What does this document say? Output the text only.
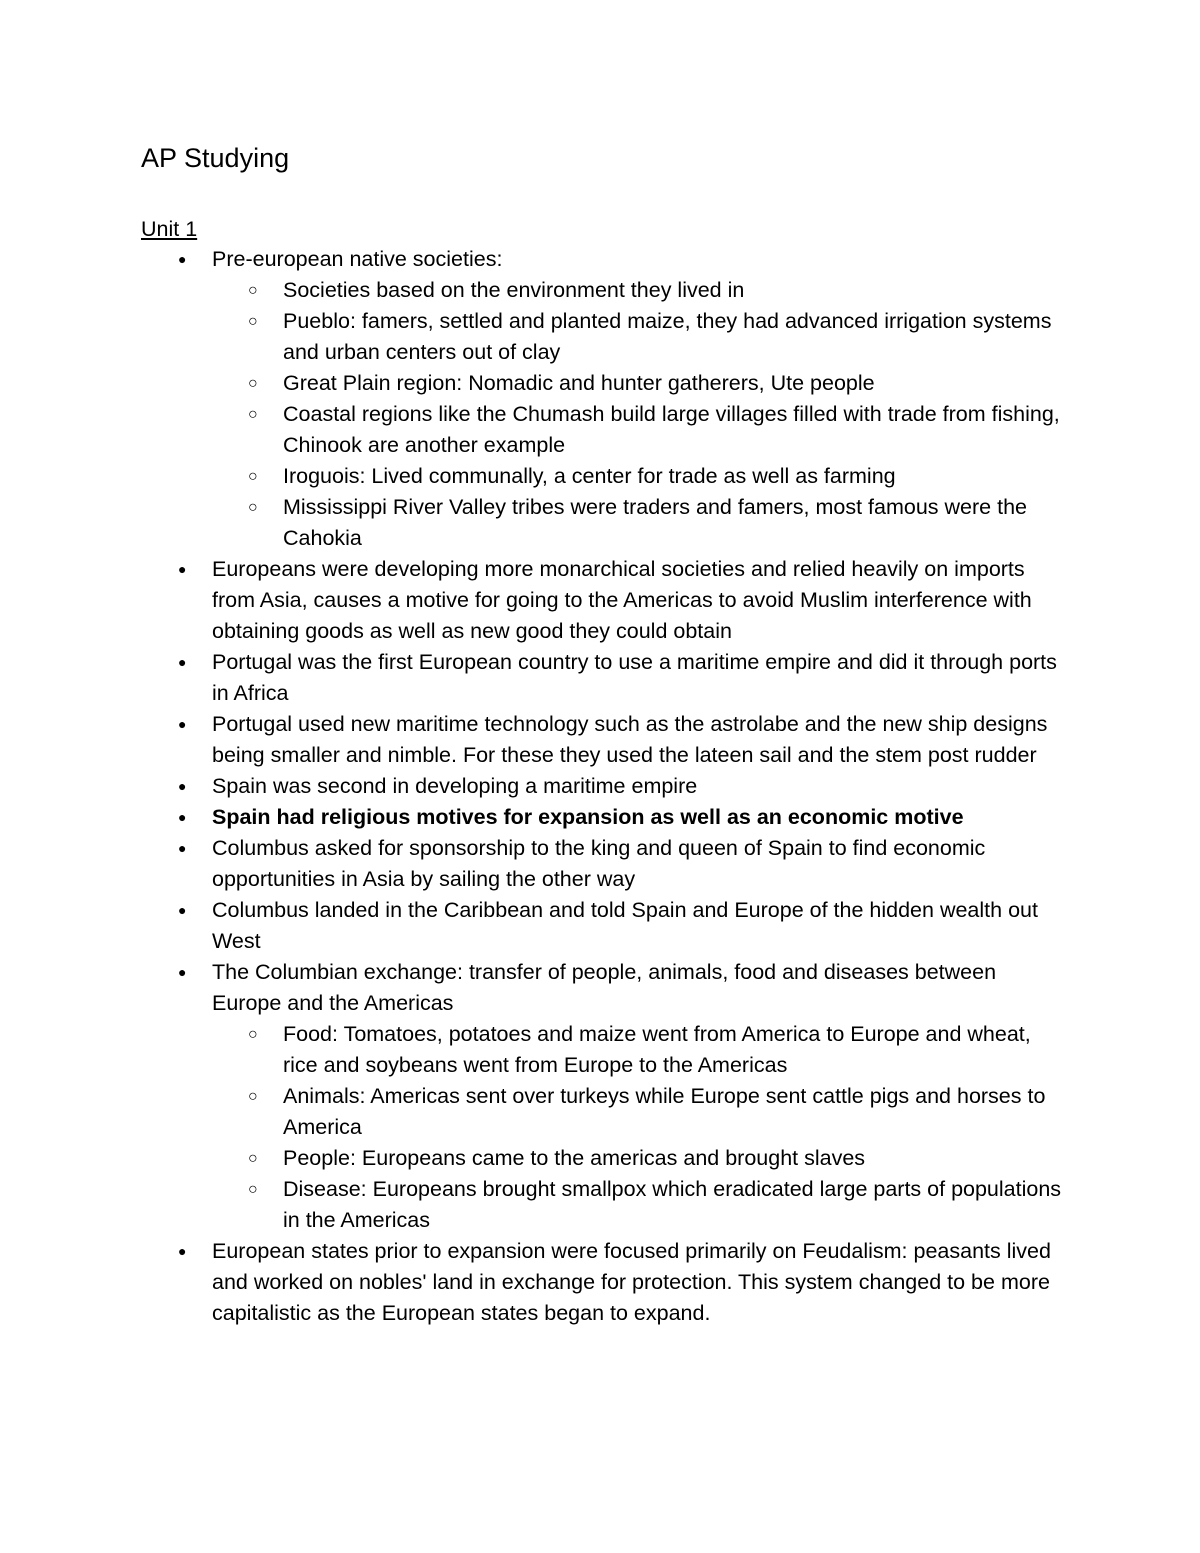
AP Studying
Unit 1
● Pre-european native societies:
○ Societies based on the environment they lived in
○ Pueblo: famers, settled and planted maize, they had advanced irrigation systems and urban centers out of clay
○ Great Plain region: Nomadic and hunter gatherers, Ute people
○ Coastal regions like the Chumash build large villages filled with trade from fishing, Chinook are another example
○ Iroguois: Lived communally, a center for trade as well as farming
○ Mississippi River Valley tribes were traders and famers, most famous were the Cahokia
● Europeans were developing more monarchical societies and relied heavily on imports from Asia, causes a motive for going to the Americas to avoid Muslim interference with obtaining goods as well as new good they could obtain
● Portugal was the first European country to use a maritime empire and did it through ports in Africa
● Portugal used new maritime technology such as the astrolabe and the new ship designs being smaller and nimble. For these they used the lateen sail and the stem post rudder
● Spain was second in developing a maritime empire
● Spain had religious motives for expansion as well as an economic motive
● Columbus asked for sponsorship to the king and queen of Spain to find economic opportunities in Asia by sailing the other way
● Columbus landed in the Caribbean and told Spain and Europe of the hidden wealth out West
● The Columbian exchange: transfer of people, animals, food and diseases between Europe and the Americas
○ Food: Tomatoes, potatoes and maize went from America to Europe and wheat, rice and soybeans went from Europe to the Americas
○ Animals: Americas sent over turkeys while Europe sent cattle pigs and horses to America
○ People: Europeans came to the americas and brought slaves
○ Disease: Europeans brought smallpox which eradicated large parts of populations in the Americas
● European states prior to expansion were focused primarily on Feudalism: peasants lived and worked on nobles' land in exchange for protection. This system changed to be more capitalistic as the European states began to expand.
